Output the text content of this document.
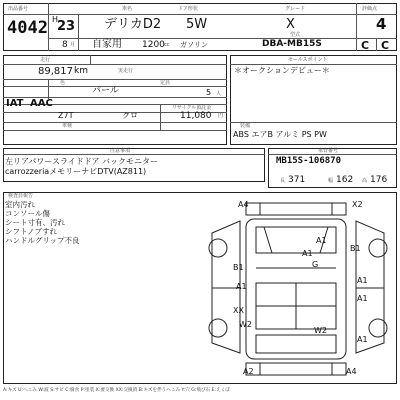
出品番号	車名	ドア形状	グレード	評価点
4042 H
23 デリカD2 5W	X	4
8 月 自家用 1200 cc ガソリン
型式
DBA-MB15S	C C
走行
89,817 km	実走行
色
パール
定員
5 人
IAT AAC
Z7T	クロ
リサイクル預託金
11,080 円
車検
セールスポイント
＊オークションデビュー＊
装備
ABS エアB アルミ PS PW
注意事項
左リアパワースライドドア バックモニター
carrozzeriaメモリーナビDTV(AZ811)
車台番号
MB15S-106870
長 371	幅 162 高 176
検査員報告
室内汚れ
コンソール傷
シート寸有、汚れ
シフトノブすれ
ハンドルグリップ不良
A4	X2
A1
B1
A1
B1	G
A1
A1
A1
XX
W2
W2
A1
A2	A4
A:キズ U:へこみ W:波 S:サビ C:腐食 P:塗装 X:要交換 XX:交換済 B:キズを伴うへこみ Y:穴 G:飛び石 E:えくぼ
